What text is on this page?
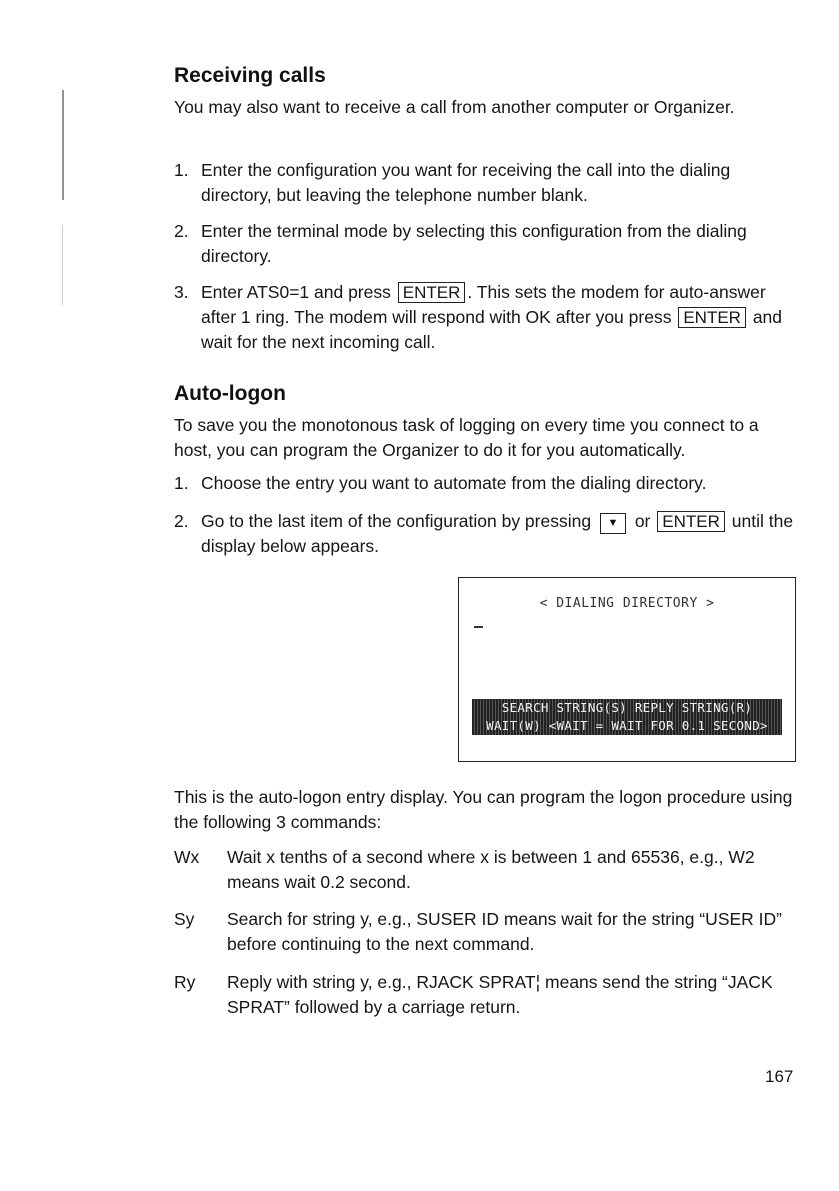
Receiving calls

You may also want to receive a call from another computer or Organizer.

1. Enter the configuration you want for receiving the call into the dialing directory, but leaving the telephone number blank.
2. Enter the terminal mode by selecting this configuration from the dialing directory.
3. Enter ATS0=1 and press ENTER . This sets the modem for auto-answer after 1 ring. The modem will respond with OK after you press ENTER and wait for the next incoming call.
Auto-logon

To save you the monotonous task of logging on every time you connect to a host, you can program the Organizer to do it for you automatically.

1. Choose the entry you want to automate from the dialing directory.
2. Go to the last item of the configuration by pressing ▼ or ENTER until the display below appears.
< DIALING DIRECTORY >
SEARCH STRING(S) REPLY STRING(R)
WAIT(W) <WAIT = WAIT FOR 0.1 SECOND>

This is the auto-logon entry display. You can program the logon procedure using the following 3 commands:

Wx Wait x tenths of a second where x is between 1 and 65536, e.g., W2 means wait 0.2 second.
Sy Search for string y, e.g., SUSER ID means wait for the string “USER ID” before continuing to the next command.
Ry Reply with string y, e.g., RJACK SPRAT¦ means send the string “JACK SPRAT” followed by a carriage return.
167
